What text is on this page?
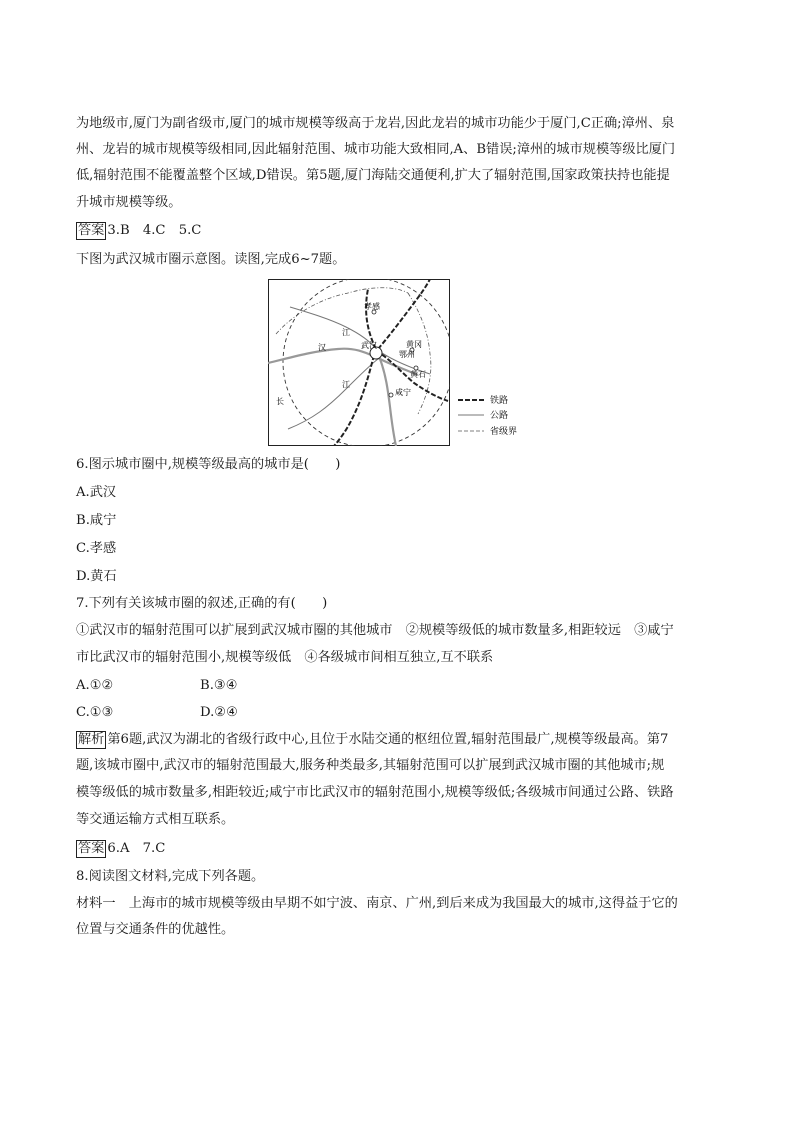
为地级市,厦门为副省级市,厦门的城市规模等级高于龙岩,因此龙岩的城市功能少于厦门,C正确;漳州、泉
州、龙岩的城市规模等级相同,因此辐射范围、城市功能大致相同,A、B错误;漳州的城市规模等级比厦门
低,辐射范围不能覆盖整个区域,D错误。第5题,厦门海陆交通便利,扩大了辐射范围,国家政策扶持也能提
升城市规模等级。
答案 3.B　4.C　5.C
下图为武汉城市圈示意图。读图,完成6~7题。
孝感
汉
江
武汉	黄冈
鄂州
黄石
江
咸宁
长	铁路
公路
省级界
6.图示城市圈中,规模等级最高的城市是(　　)
A.武汉
B.咸宁
C.孝感
D.黄石
7.下列有关该城市圈的叙述,正确的有(　　)
①武汉市的辐射范围可以扩展到武汉城市圈的其他城市　②规模等级低的城市数量多,相距较远　③咸宁
市比武汉市的辐射范围小,规模等级低　④各级城市间相互独立,互不联系
A.①②	B.③④
C.①③	D.②④
解析 第6题,武汉为湖北的省级行政中心,且位于水陆交通的枢纽位置,辐射范围最广,规模等级最高。第7
题,该城市圈中,武汉市的辐射范围最大,服务种类最多,其辐射范围可以扩展到武汉城市圈的其他城市;规
模等级低的城市数量多,相距较近;咸宁市比武汉市的辐射范围小,规模等级低;各级城市间通过公路、铁路
等交通运输方式相互联系。
答案 6.A　7.C
8.阅读图文材料,完成下列各题。
材料一　上海市的城市规模等级由早期不如宁波、南京、广州,到后来成为我国最大的城市,这得益于它的
位置与交通条件的优越性。
